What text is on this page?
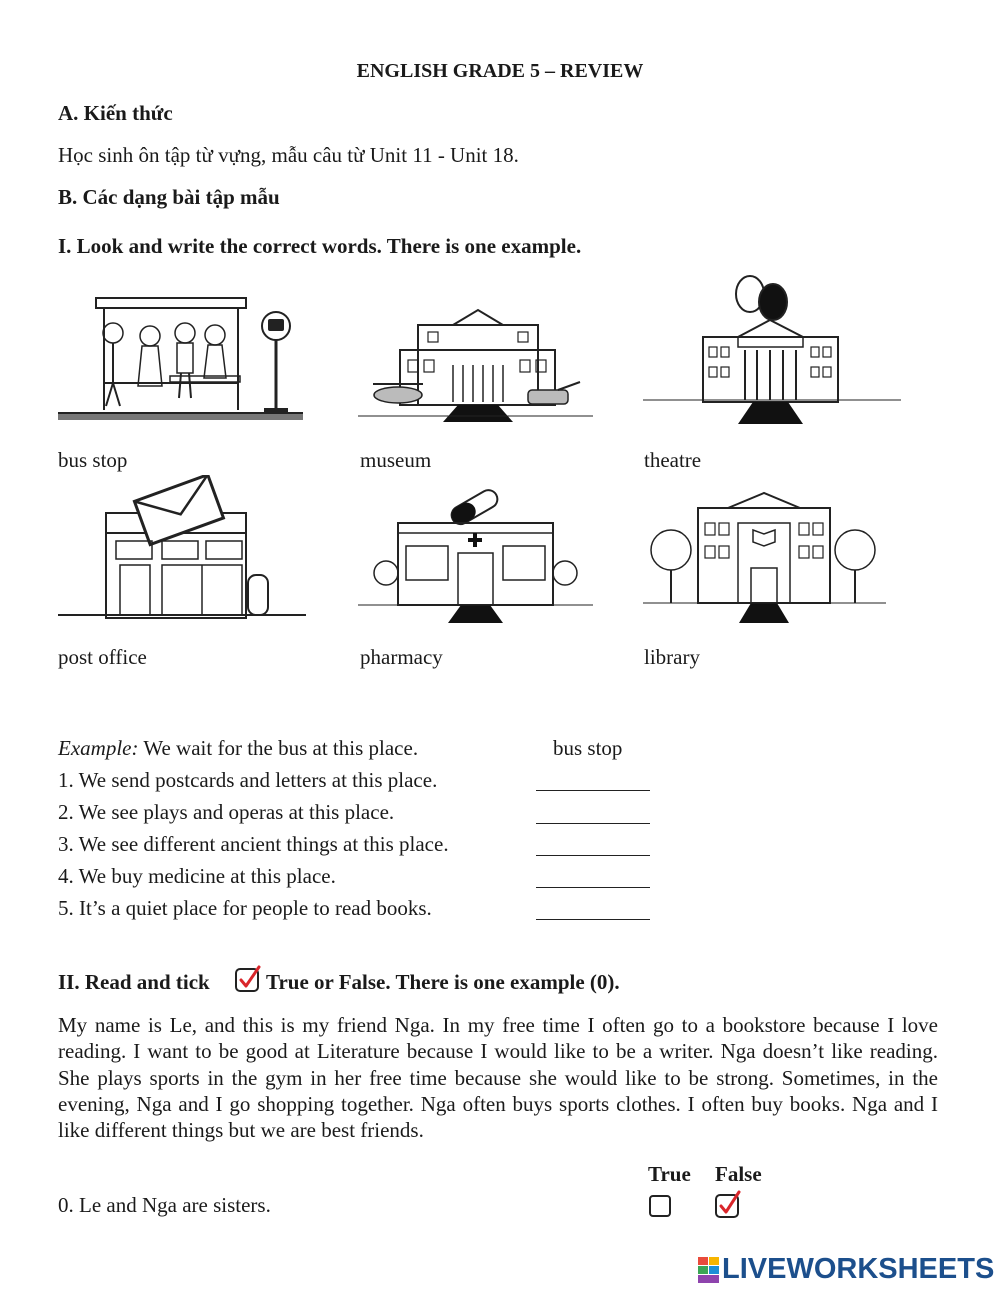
ENGLISH GRADE 5 – REVIEW
A. Kiến thức
Học sinh ôn tập từ vựng, mẫu câu từ Unit 11 - Unit 18.
B. Các dạng bài tập mẫu
I. Look and write the correct words. There is one example.
bus stop	museum	theatre
post office	pharmacy	library
Example: We wait for the bus at this place.	bus stop
1. We send postcards and letters at this place.
2. We see plays and operas at this place.
3. We see different ancient things at this place.
4. We buy medicine at this place.
5. It’s a quiet place for people to read books.
II. Read and tick	True or False. There is one example (0).
My name is Le, and this is my friend Nga. In my free time I often go to a bookstore because I love reading. I want to be good at Literature because I would like to be a writer. Nga doesn’t like reading. She plays sports in the gym in her free time because she would like to be strong. Sometimes, in the evening, Nga and I go shopping together. Nga often buys sports clothes. I often buy books. Nga and I like different things but we are best friends.
True False
0. Le and Nga are sisters.
LIVEWORKSHEETS
